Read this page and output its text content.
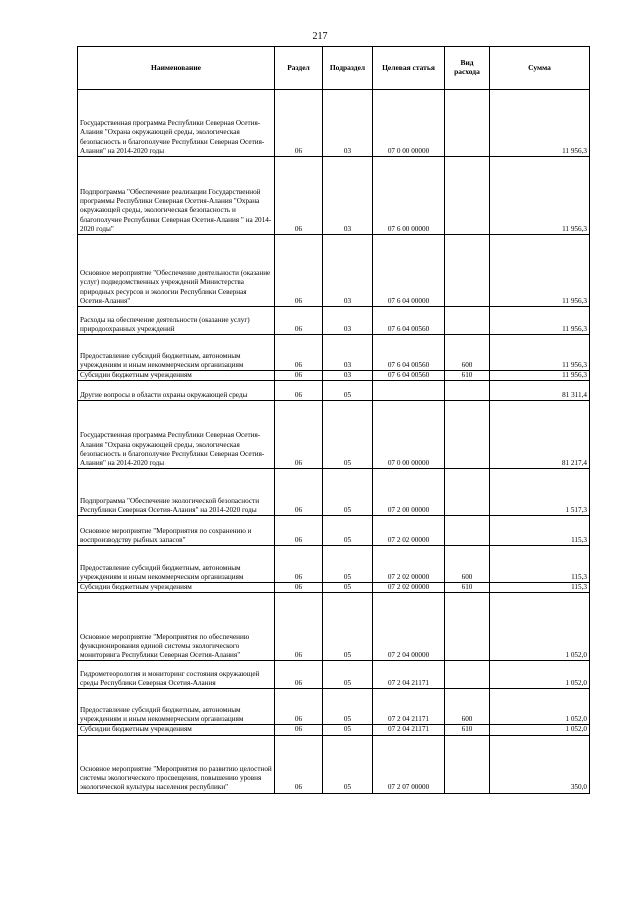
217
Наименование	Раздел	Подраздел	Целевая статья	Вид расхода	Сумма
Государственная программа Республики Северная Осетия-Алания "Охрана окружающей среды, экологическая безопасность и благополучие Республики Северная Осетия-Алания" на 2014-2020 годы	06	03	07 0 00 00000		11 956,3
Подпрограмма "Обеспечение реализации Государственной программы Республики Северная Осетия-Алания "Охрана окружающей среды, экологическая безопасность и благополучие Республики Северная Осетия-Алания " на 2014-2020 годы"	06	03	07 6 00 00000		11 956,3
Основное мероприятие "Обеспечение деятельности (оказание услуг) подведомственных учреждений Министерства природных ресурсов и экологии Республики Северная Осетия-Алания"	06	03	07 6 04 00000		11 956,3
Расходы на обеспечение деятельности (оказание услуг) природоохранных учреждений	06	03	07 6 04 00560		11 956,3
Предоставление субсидий бюджетным, автономным учреждениям и иным некоммерческим организациям	06	03	07 6 04 00560	600	11 956,3
Субсидии бюджетным учреждениям	06	03	07 6 04 00560	610	11 956,3
Другие вопросы в области охраны окружающей среды	06	05			81 311,4
Государственная программа Республики Северная Осетия-Алания "Охрана окружающей среды, экологическая безопасность и благополучие Республики Северная Осетия-Алания" на 2014-2020 годы	06	05	07 0 00 00000		81 217,4
Подпрограмма "Обеспечение экологической безопасности Республики Северная Осетия-Алания" на 2014-2020 годы	06	05	07 2 00 00000		1 517,3
Основное мероприятие "Мероприятия по сохранению и воспроизводству рыбных запасов"	06	05	07 2 02 00000		115,3
Предоставление субсидий бюджетным, автономным учреждениям и иным некоммерческим организациям	06	05	07 2 02 00000	600	115,3
Субсидии бюджетным учреждениям	06	05	07 2 02 00000	610	115,3
Основное мероприятие "Мероприятия по обеспечению функционирования единой системы экологического мониторинга Республики Северная Осетия-Алания"	06	05	07 2 04 00000		1 052,0
Гидрометеорология и мониторинг состояния окружающей среды Республики Северная Осетия-Алания	06	05	07 2 04 21171		1 052,0
Предоставление субсидий бюджетным, автономным учреждениям и иным некоммерческим организациям	06	05	07 2 04 21171	600	1 052,0
Субсидии бюджетным учреждениям	06	05	07 2 04 21171	610	1 052,0
Основное мероприятие "Мероприятия по развитию целостной системы экологического просвещения, повышению уровня экологической культуры населения республики"	06	05	07 2 07 00000		350,0
